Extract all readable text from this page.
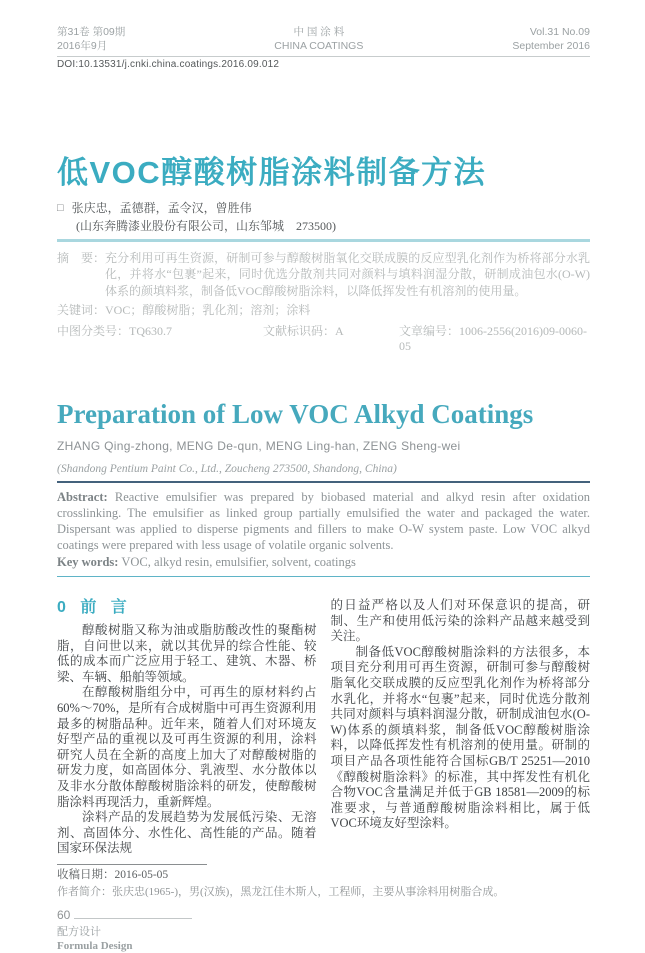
第31卷 第09期
2016年9月
中 国 涂 料
CHINA COATINGS
Vol.31 No.09
September 2016
DOI:10.13531/j.cnki.china.coatings.2016.09.012
低VOC醇酸树脂涂料制备方法
□ 张庆忠，孟德群，孟令汉，曾胜伟
(山东奔腾漆业股份有限公司，山东邹城　273500)
摘　要： 充分利用可再生资源，研制可参与醇酸树脂氧化交联成膜的反应型乳化剂作为桥将部分水乳化，并将水“包裹”起来，同时优选分散剂共同对颜料与填料润湿分散，研制成油包水(O-W)体系的颜填料浆，制备低VOC醇酸树脂涂料，以降低挥发性有机溶剂的使用量。
关键词：VOC；醇酸树脂；乳化剂；溶剂；涂料
中图分类号：TQ630.7	文献标识码：A	文章编号：1006-2556(2016)09-0060-05
Preparation of Low VOC Alkyd Coatings
ZHANG Qing-zhong, MENG De-qun, MENG Ling-han, ZENG Sheng-wei
(Shandong Pentium Paint Co., Ltd., Zoucheng 273500, Shandong, China)
Abstract: Reactive emulsifier was prepared by biobased material and alkyd resin after oxidation crosslinking. The emulsifier as linked group partially emulsified the water and packaged the water. Dispersant was applied to disperse pigments and fillers to make O-W system paste. Low VOC alkyd coatings were prepared with less usage of volatile organic solvents.
Key words: VOC, alkyd resin, emulsifier, solvent, coatings
0 前 言
醇酸树脂又称为油或脂肪酸改性的聚酯树脂，自问世以来，就以其优异的综合性能、较低的成本而广泛应用于轻工、建筑、木器、桥梁、车辆、船舶等领域。
在醇酸树脂组分中，可再生的原材料约占60%～70%，是所有合成树脂中可再生资源利用最多的树脂品种。近年来，随着人们对环境友好型产品的重视以及可再生资源的利用，涂料研究人员在全新的高度上加大了对醇酸树脂的研发力度，如高固体分、乳液型、水分散体以及非水分散体醇酸树脂涂料的研发，使醇酸树脂涂料再现活力，重新辉煌。
涂料产品的发展趋势为发展低污染、无溶剂、高固体分、水性化、高性能的产品。随着国家环保法规
的日益严格以及人们对环保意识的提高，研制、生产和使用低污染的涂料产品越来越受到关注。
制备低VOC醇酸树脂涂料的方法很多，本项目充分利用可再生资源，研制可参与醇酸树脂氧化交联成膜的反应型乳化剂作为桥将部分水乳化，并将水“包裹”起来，同时优选分散剂共同对颜料与填料润湿分散，研制成油包水(O-W)体系的颜填料浆，制备低VOC醇酸树脂涂料，以降低挥发性有机溶剂的使用量。研制的项目产品各项性能符合国标GB/T 25251—2010《醇酸树脂涂料》的标准，其中挥发性有机化合物VOC含量满足并低于GB 18581—2009的标准要求，与普通醇酸树脂涂料相比，属于低VOC环境友好型涂料。
收稿日期：2016-05-05
作者简介：张庆忠(1965-)，男(汉族)，黑龙江佳木斯人，工程师，主要从事涂料用树脂合成。
60
配方设计
Formula Design
